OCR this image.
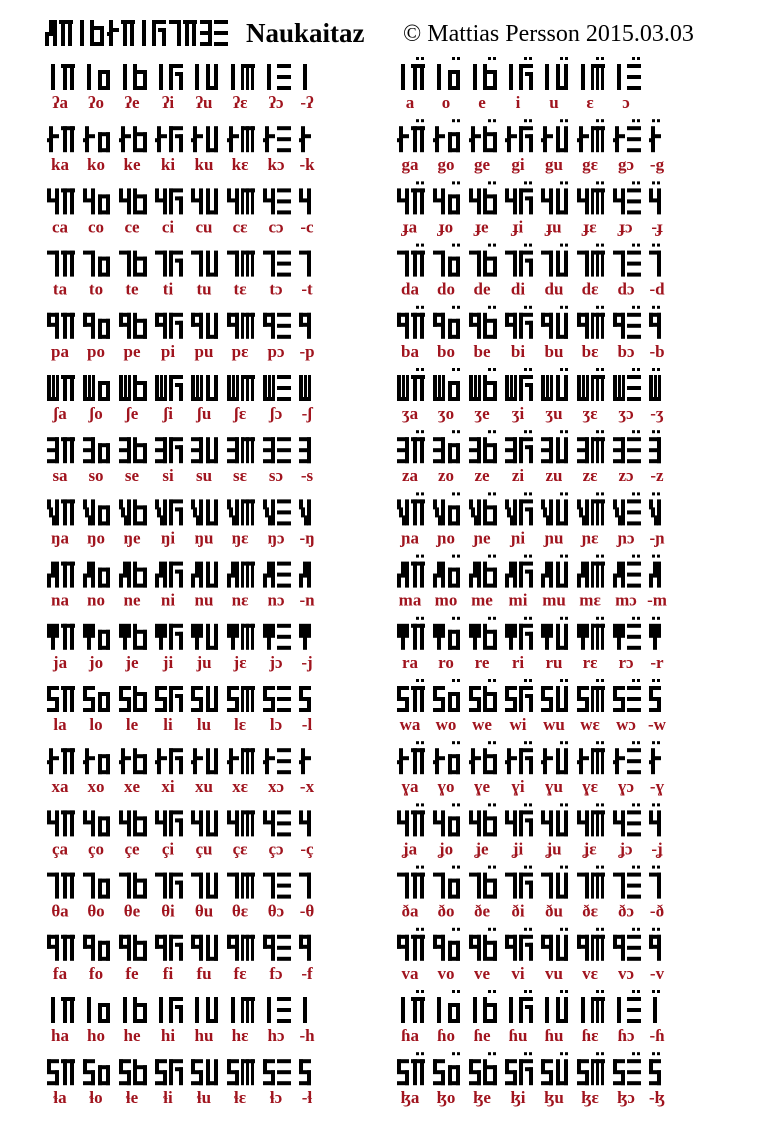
Naukaitaz © Mattias Persson 2015.03.03
ʔa ʔo ʔe ʔi ʔu ʔɛ ʔɔ -ʔ	a o e i u ɛ ɔ
ka ko ke ki ku kɛ kɔ -k	ga go ge gi gu gɛ gɔ -g
ca co ce ci cu cɛ cɔ -c	ɟa ɟo ɟe ɟi ɟu ɟɛ ɟɔ -ɟ
ta to te ti tu tɛ tɔ -t	da do de di du dɛ dɔ -d
pa po pe pi pu pɛ pɔ -p	ba bo be bi bu bɛ bɔ -b
ʃa ʃo ʃe ʃi ʃu ʃɛ ʃɔ -ʃ	ʒa ʒo ʒe ʒi ʒu ʒɛ ʒɔ -ʒ
sa so se si su sɛ sɔ -s	za zo ze zi zu zɛ zɔ -z
ŋa ŋo ŋe ŋi ŋu ŋɛ ŋɔ -ŋ	ɲa ɲo ɲe ɲi ɲu ɲɛ ɲɔ -ɲ
na no ne ni nu nɛ nɔ -n	ma mo me mi mu mɛ mɔ -m
ja jo je ji ju jɛ jɔ -j	ra ro re ri ru rɛ rɔ -r
la lo le li lu lɛ lɔ -l	wa wo we wi wu wɛ wɔ -w
xa xo xe xi xu xɛ xɔ -x	ɣa ɣo ɣe ɣi ɣu ɣɛ ɣɔ -ɣ
ça ço çe çi çu çɛ çɔ -ç	ʝa ʝo ʝe ʝi ʝu ʝɛ ʝɔ -ʝ
θa θo θe θi θu θɛ θɔ -θ	ða ðo ðe ði ðu ðɛ ðɔ -ð
fa fo fe fi fu fɛ fɔ -f	va vo ve vi vu vɛ vɔ -v
ha ho he hi hu hɛ hɔ -h	ɦa ɦo ɦe ɦu ɦu ɦɛ ɦɔ -ɦ
ɬa ɬo ɬe ɬi ɬu ɬɛ ɬɔ -ɬ	ɮa ɮo ɮe ɮi ɮu ɮɛ ɮɔ -ɮ
